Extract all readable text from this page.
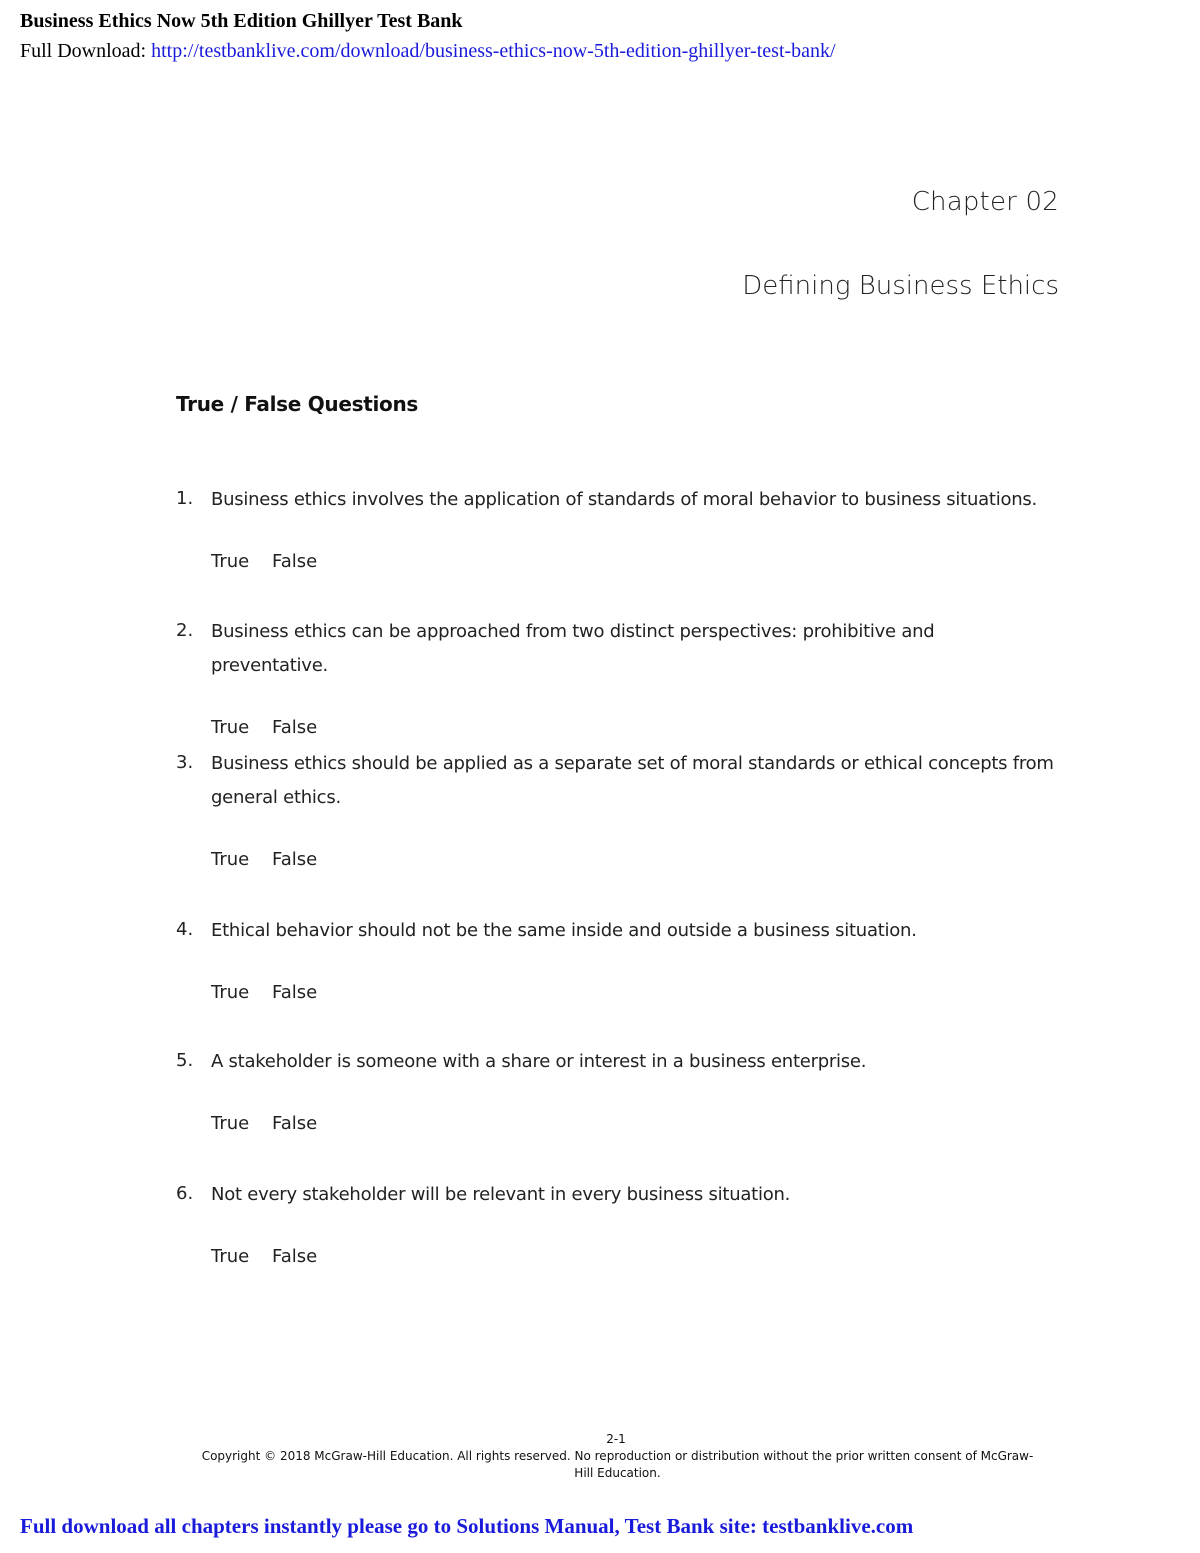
Business Ethics Now 5th Edition Ghillyer Test Bank
Full Download: http://testbanklive.com/download/business-ethics-now-5th-edition-ghillyer-test-bank/
Chapter 02
Defining Business Ethics
True / False Questions
1. Business ethics involves the application of standards of moral behavior to business situations.
True False
2. Business ethics can be approached from two distinct perspectives: prohibitive and preventative.
True False
3. Business ethics should be applied as a separate set of moral standards or ethical concepts from general ethics.
True False
4. Ethical behavior should not be the same inside and outside a business situation.
True False
5. A stakeholder is someone with a share or interest in a business enterprise.
True False
6. Not every stakeholder will be relevant in every business situation.
True False
2-1
Copyright © 2018 McGraw-Hill Education. All rights reserved. No reproduction or distribution without the prior written consent of McGraw-Hill Education.
Full download all chapters instantly please go to Solutions Manual, Test Bank site: testbanklive.com
